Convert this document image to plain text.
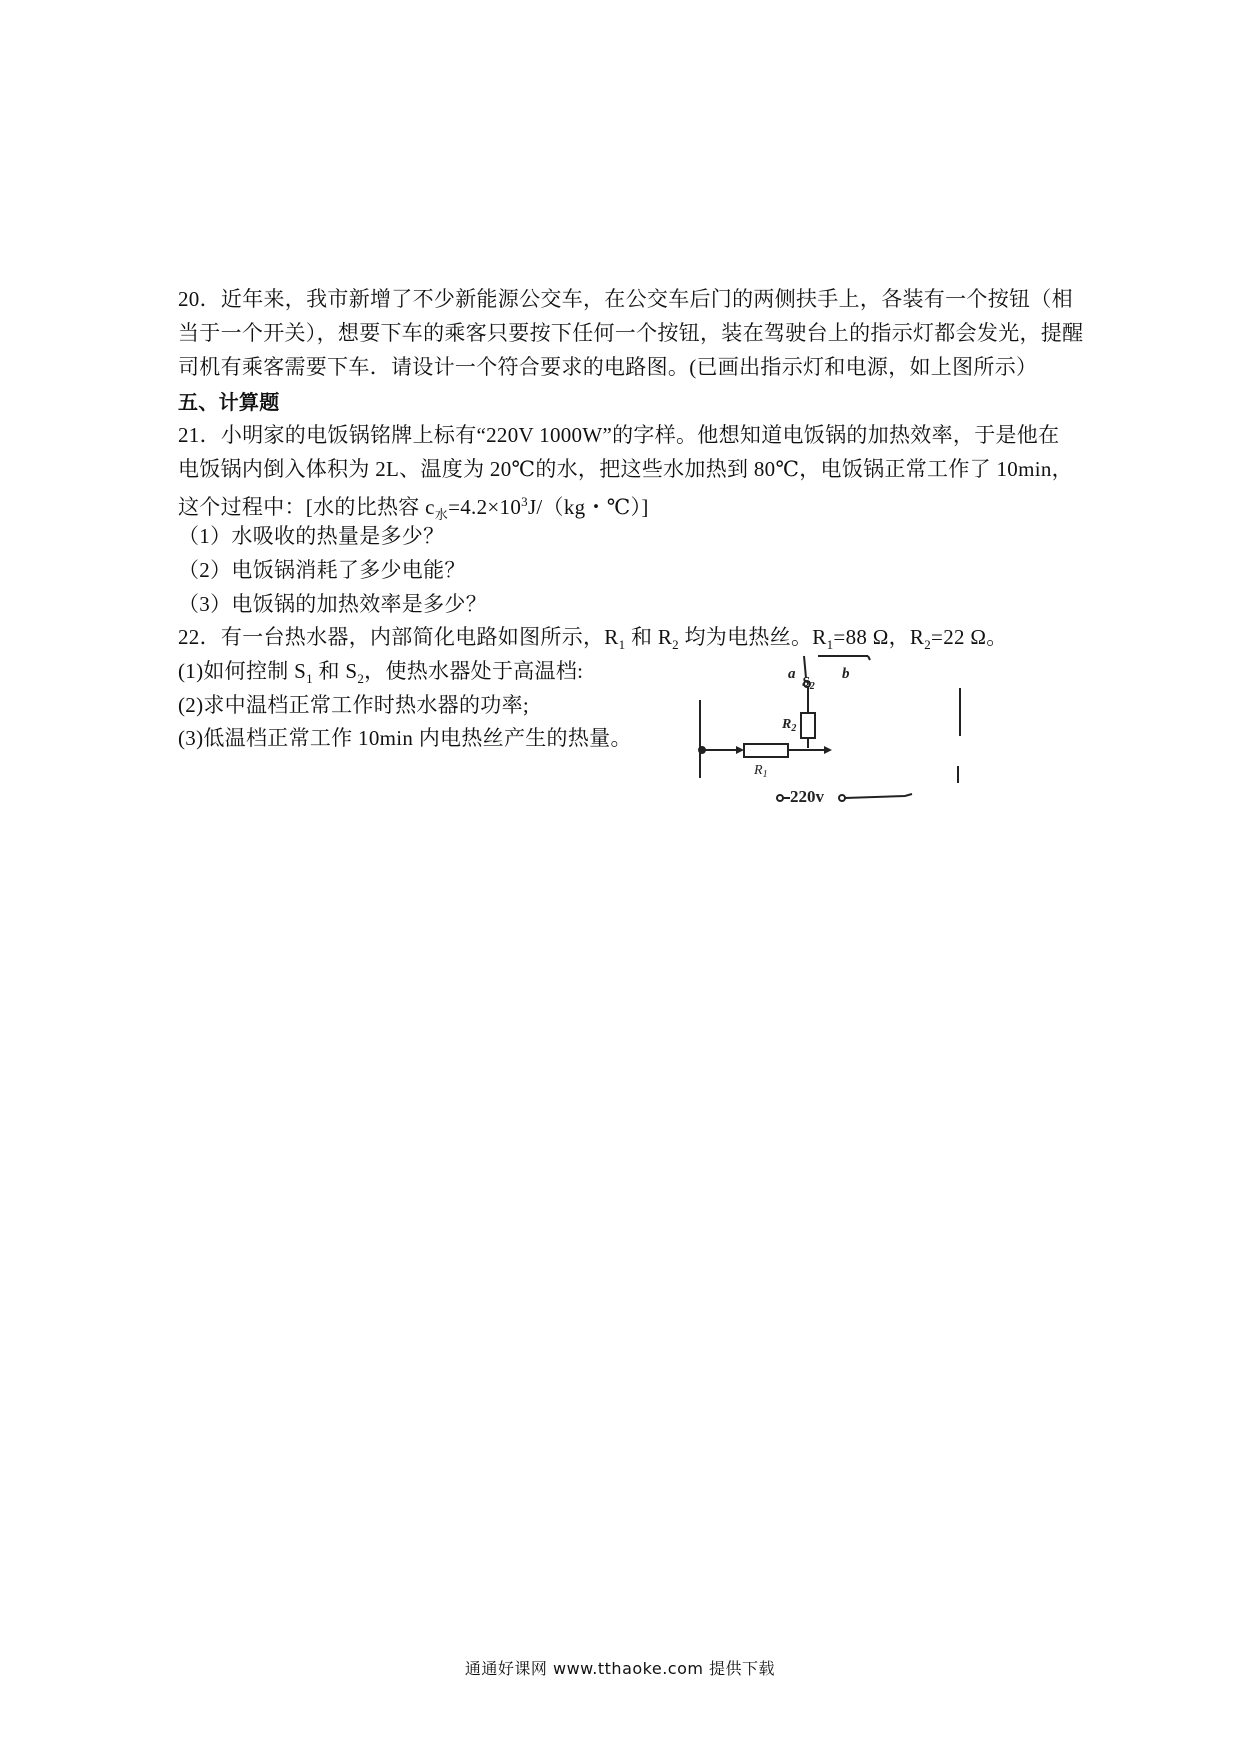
20．近年来，我市新增了不少新能源公交车，在公交车后门的两侧扶手上，各装有一个按钮（相
当于一个开关），想要下车的乘客只要按下任何一个按钮，装在驾驶台上的指示灯都会发光，提醒
司机有乘客需要下车．请设计一个符合要求的电路图。(已画出指示灯和电源，如上图所示）
五、计算题
21．小明家的电饭锅铭牌上标有“220V 1000W”的字样。他想知道电饭锅的加热效率，于是他在
电饭锅内倒入体积为 2L、温度为 20℃的水，把这些水加热到 80℃，电饭锅正常工作了 10min，
这个过程中：[水的比热容 $c_水=4.2\times 10^3J/(kg$・℃）]
（1）水吸收的热量是多少？
（2）电饭锅消耗了多少电能？
（3）电饭锅的加热效率是多少？
22．有一台热水器，内部简化电路如图所示，$R_1$ 和 $R_2$ 均为电热丝。$R_1=88$ Ω，$R_2=22$ Ω。
(1)如何控制 $S_1$ 和 $S_2$，使热水器处于高温档:
(2)求中温档正常工作时热水器的功率;
(3)低温档正常工作 10min 内电热丝产生的热量。
a
$S_2$
b
$R_2$
$R_1$
220v
通通好课网 www.tthaoke.com 提供下载
